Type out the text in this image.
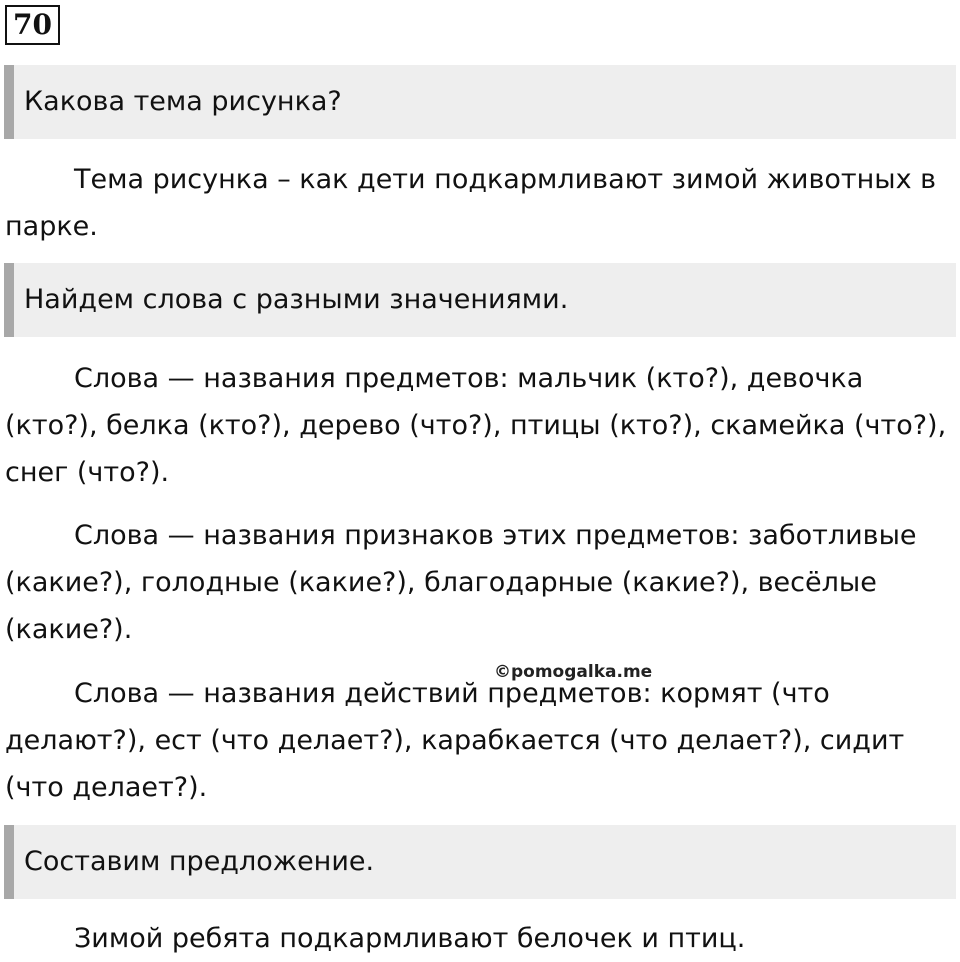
70
Какова тема рисунка?

Тема рисунка – как дети подкармливают зимой животных в парке.

Найдем слова с разными значениями.

Слова — названия предметов: мальчик (кто?), девочка (кто?), белка (кто?), дерево (что?), птицы (кто?), скамейка (что?), снег (что?).

Слова — названия признаков этих предметов: заботливые (какие?), голодные (какие?), благодарные (какие?), весёлые (какие?).

Слова — названия действий предметов: кормят (что делают?), ест (что делает?), карабкается (что делает?), сидит (что делает?).

©pomogalka.me
Составим предложение.

Зимой ребята подкармливают белочек и птиц.
